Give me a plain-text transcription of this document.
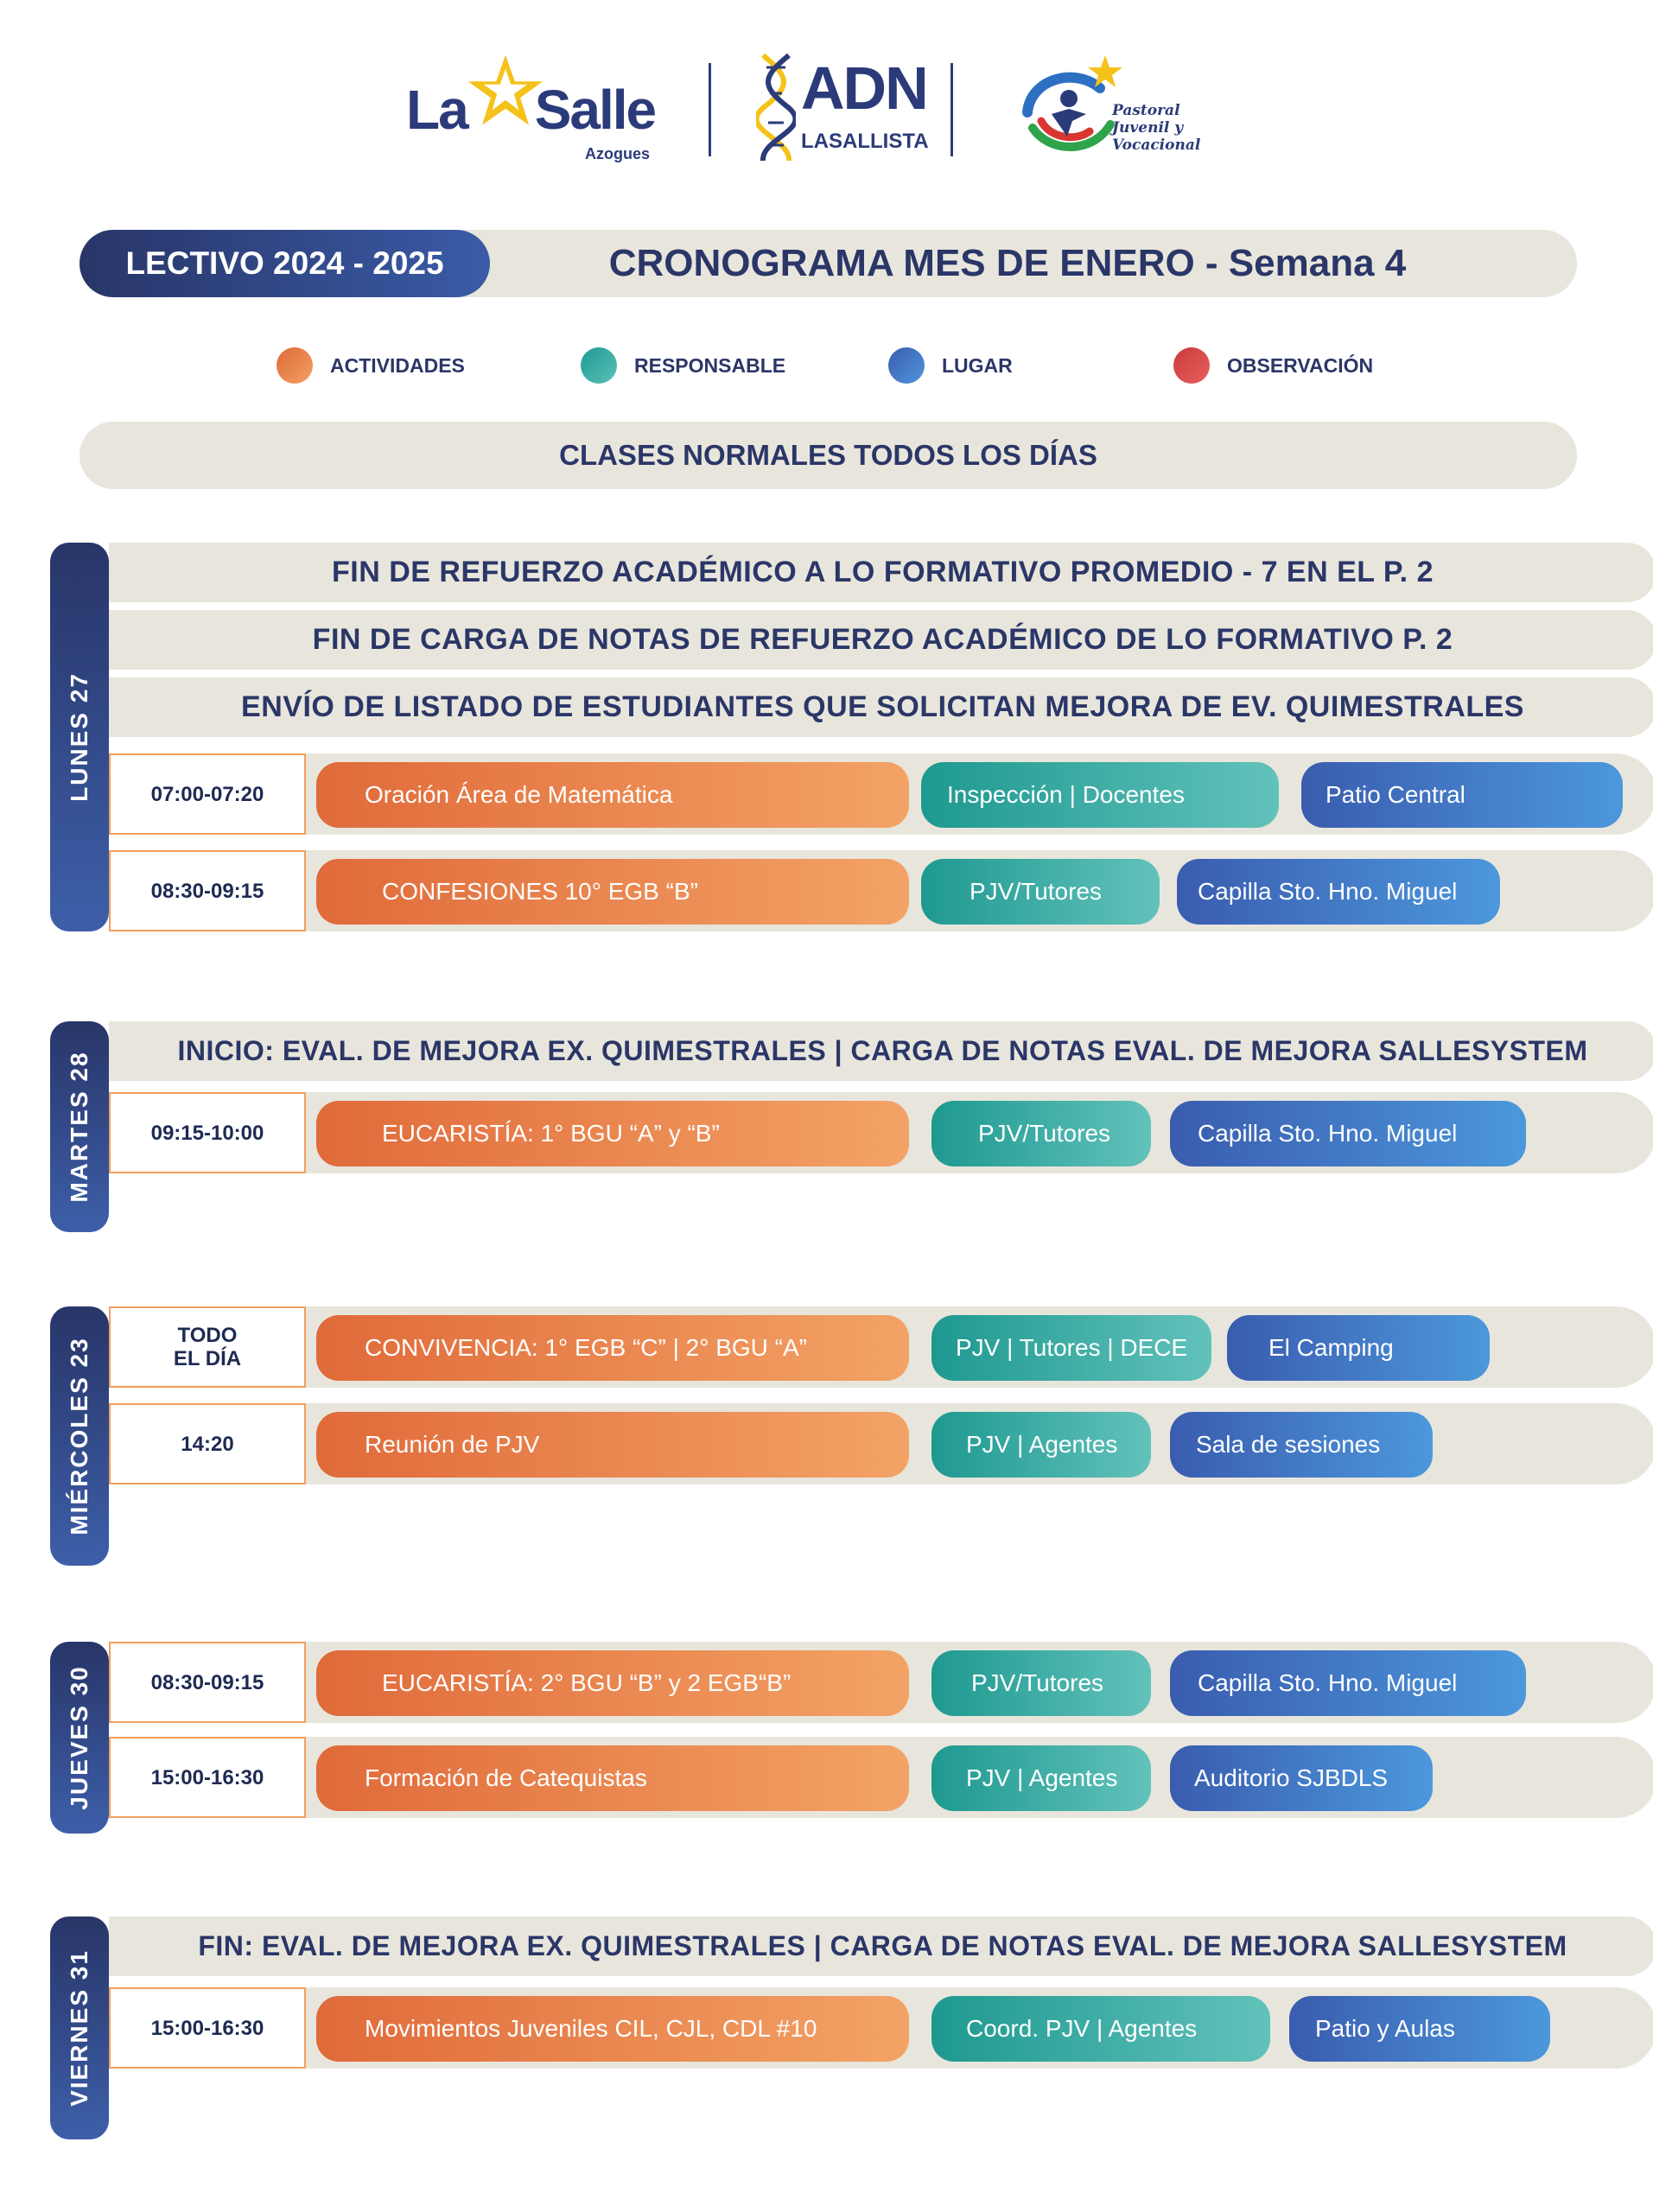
La Salle
Azogues
ADN
LASALLISTA
Pastoral
Juvenil y Vocacional
LECTIVO 2024 - 2025	CRONOGRAMA MES DE ENERO - Semana 4
ACTIVIDADES	RESPONSABLE	LUGAR	OBSERVACIÓN
CLASES NORMALES TODOS LOS DÍAS
LUNES 27
FIN DE REFUERZO ACADÉMICO A LO FORMATIVO PROMEDIO - 7 EN EL P. 2
FIN DE CARGA DE NOTAS DE REFUERZO ACADÉMICO DE LO FORMATIVO P. 2
ENVÍO DE LISTADO DE ESTUDIANTES QUE SOLICITAN MEJORA DE EV. QUIMESTRALES
07:00-07:20	Oración Área de Matemática	Inspección | Docentes	Patio Central
08:30-09:15	CONFESIONES 10° EGB “B”	PJV/Tutores	Capilla Sto. Hno. Miguel
MARTES 28
INICIO: EVAL. DE MEJORA EX. QUIMESTRALES | CARGA DE NOTAS EVAL. DE MEJORA SALLESYSTEM
09:15-10:00	EUCARISTÍA: 1° BGU “A” y “B”	PJV/Tutores	Capilla Sto. Hno. Miguel
MIÉRCOLES 23
TODO
EL DÍA	CONVIVENCIA: 1° EGB “C” | 2° BGU “A”	PJV | Tutores | DECE	El Camping
14:20	Reunión de PJV	PJV | Agentes	Sala de sesiones
JUEVES 30	08:30-09:15	EUCARISTÍA: 2° BGU “B” y 2 EGB“B”	PJV/Tutores	Capilla Sto. Hno. Miguel
15:00-16:30	Formación de Catequistas	PJV | Agentes	Auditorio SJBDLS
VIERNES 31
FIN: EVAL. DE MEJORA EX. QUIMESTRALES | CARGA DE NOTAS EVAL. DE MEJORA SALLESYSTEM
15:00-16:30	Movimientos Juveniles CIL, CJL, CDL #10	Coord. PJV | Agentes	Patio y Aulas
